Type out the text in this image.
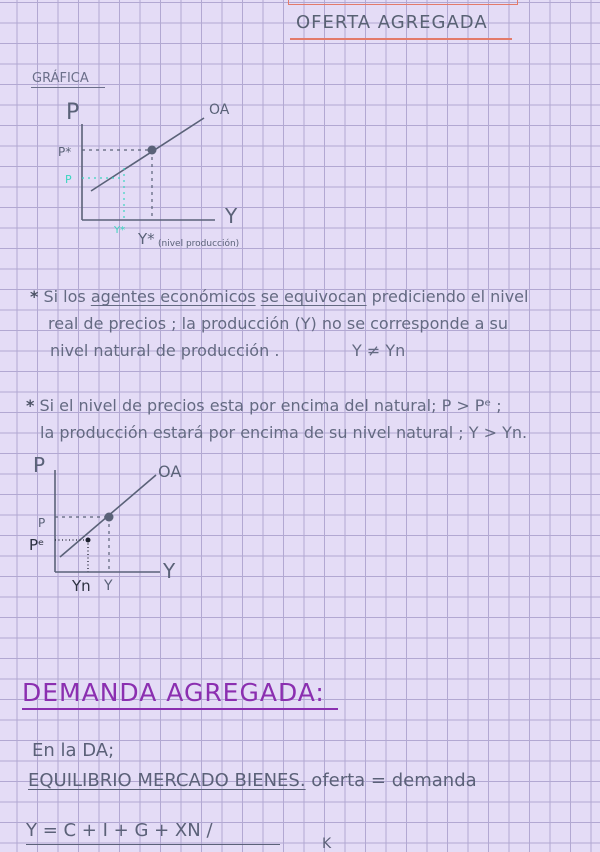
OFERTA AGREGADA
GRÁFICA
P
Y
OA
P*
P
Y* Y* (nivel producción)
* Si los agentes económicos se equivocan prediciendo el nivel
real de precios ; la producción (Y) no se corresponde a su
nivel natural de producción .	Y ≠ Yn
* Si el nivel de precios esta por encima del natural; P > Pᵉ ;
la producción estará por encima de su nivel natural ; Y > Yn.
P
Y
OA
P
Pᵉ
Yn Y
DEMANDA AGREGADA:
En la DA;
EQUILIBRIO MERCADO BIENES. oferta = demanda
Y = C + I + G + XN /
K
